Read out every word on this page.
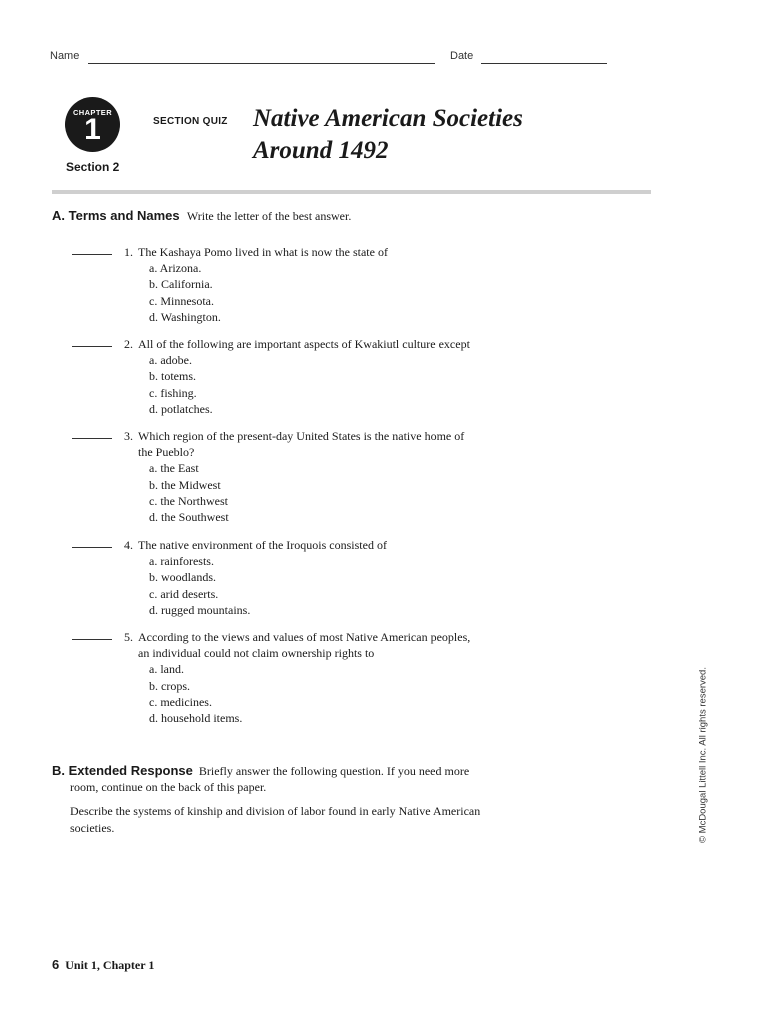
Name	Date
CHAPTER
1
Section 2
SECTION QUIZ Native American Societies
Around 1492
A. Terms and Names Write the letter of the best answer.
1. The Kashaya Pomo lived in what is now the state of
a. Arizona.
b. California.
c. Minnesota.
d. Washington.
2. All of the following are important aspects of Kwakiutl culture except
a. adobe.
b. totems.
c. fishing.
d. potlatches.
3. Which region of the present-day United States is the native home of
the Pueblo?
a. the East
b. the Midwest
c. the Northwest
d. the Southwest
4. The native environment of the Iroquois consisted of
a. rainforests.
b. woodlands.
c. arid deserts.
d. rugged mountains.
5. According to the views and values of most Native American peoples,
an individual could not claim ownership rights to
a. land.
b. crops.
c. medicines.
d. household items.
B. Extended Response Briefly answer the following question. If you need more
room, continue on the back of this paper.
Describe the systems of kinship and division of labor found in early Native American societies.	© McDougal Littell Inc. All rights reserved.
6 Unit 1, Chapter 1
